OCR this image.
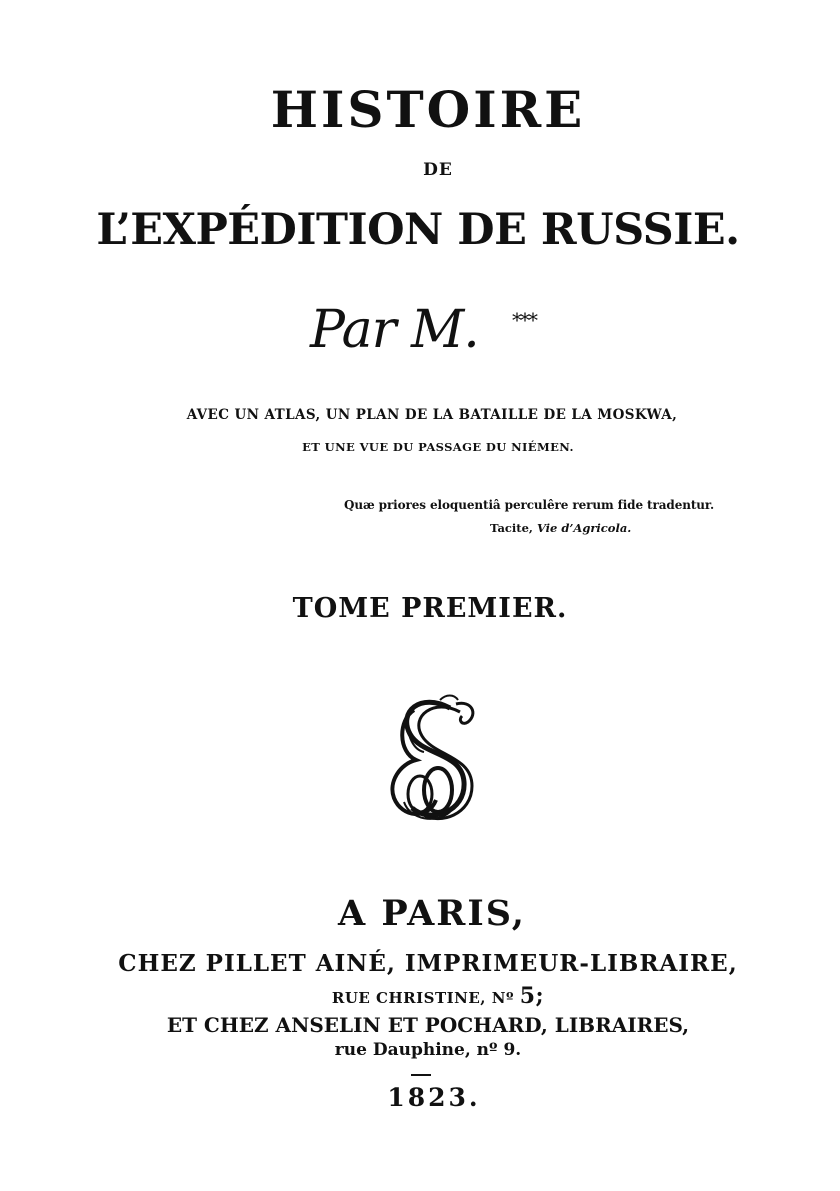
HISTOIRE
DE
L’EXPÉDITION DE RUSSIE.
Par M. ***
AVEC UN ATLAS, UN PLAN DE LA BATAILLE DE LA MOSKWA,
ET UNE VUE DU PASSAGE DU NIÉMEN.
Quæ priores eloquentiâ perculêre rerum fide tradentur.
Tacite, Vie d’Agricola.
TOME PREMIER.
A PARIS,
CHEZ PILLET AINÉ, IMPRIMEUR-LIBRAIRE,
RUE CHRISTINE, Nº 5;
ET CHEZ ANSELIN ET POCHARD, LIBRAIRES,
rue Dauphine, nº 9.
1823.
